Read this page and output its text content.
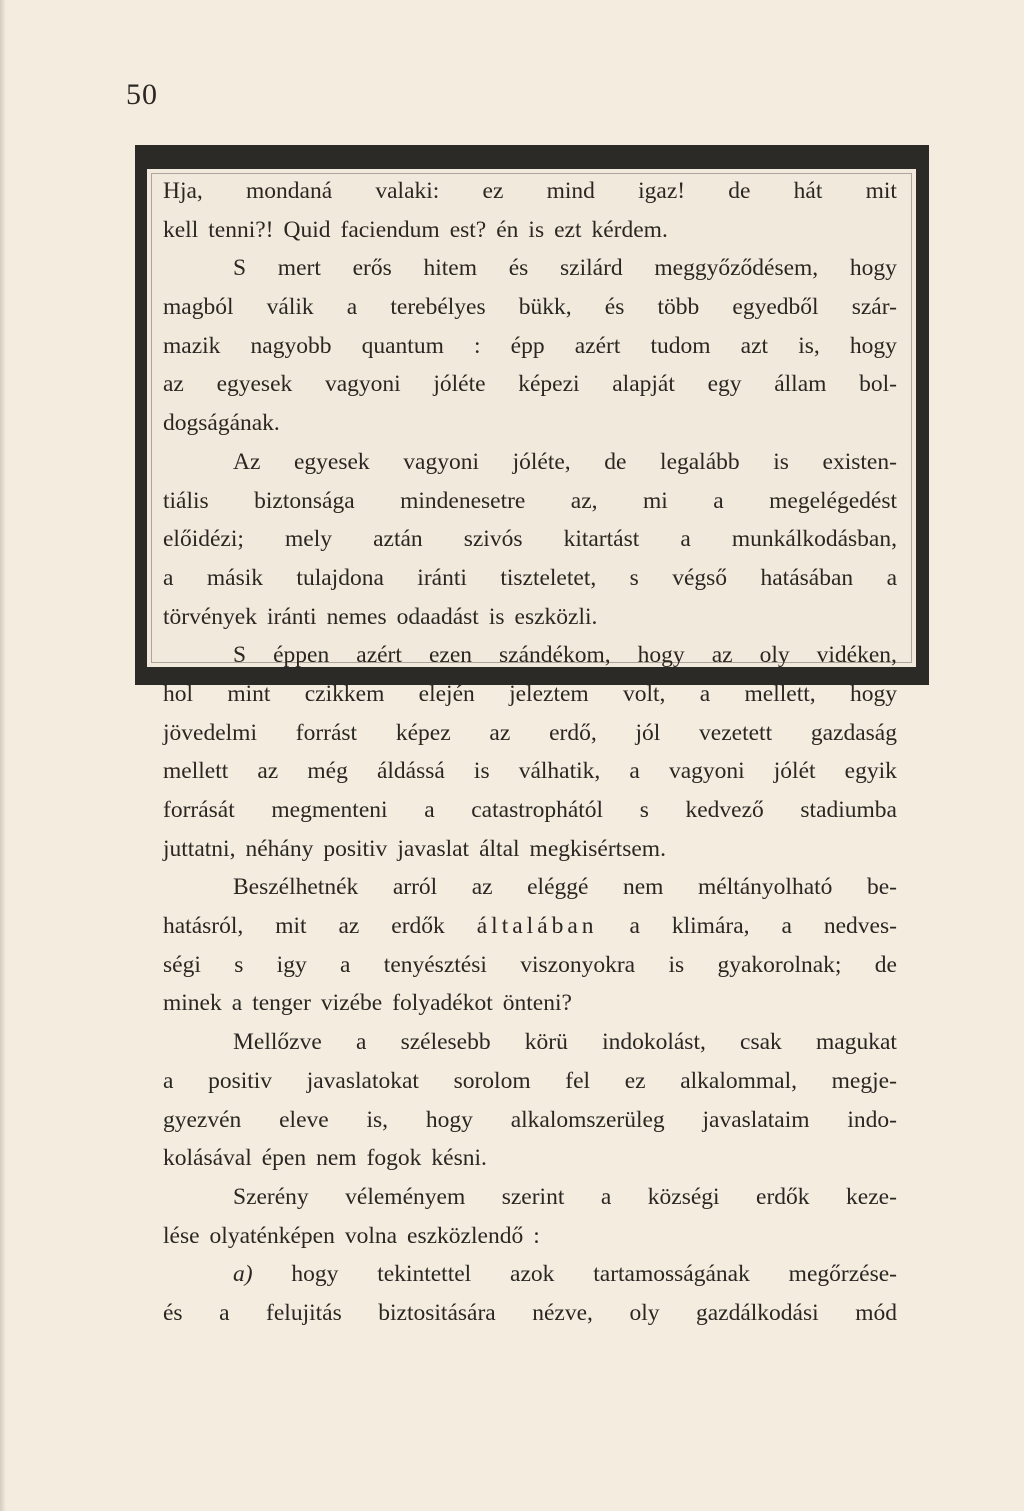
50
Hja, mondaná valaki: ez mind igaz! de hát mit
kell tenni?! Quid faciendum est? én is ezt kérdem.
S mert erős hitem és szilárd meggyőződésem, hogy
magból válik a terebélyes bükk, és több egyedből szár-
mazik nagyobb quantum : épp azért tudom azt is, hogy
az egyesek vagyoni jóléte képezi alapját egy állam bol-
dogságának.
Az egyesek vagyoni jóléte, de legalább is existen-
tiális biztonsága mindenesetre az, mi a megelégedést
előidézi; mely aztán szivós kitartást a munkálkodásban,
a másik tulajdona iránti tiszteletet, s végső hatásában a
törvények iránti nemes odaadást is eszközli.
S éppen azért ezen szándékom, hogy az oly vidéken,
hol mint czikkem elején jeleztem volt, a mellett, hogy
jövedelmi forrást képez az erdő, jól vezetett gazdaság
mellett az még áldássá is válhatik, a vagyoni jólét egyik
forrását megmenteni a catastrophától s kedvező stadiumba
juttatni, néhány positiv javaslat által megkisértsem.
Beszélhetnék arról az eléggé nem méltányolható be-
hatásról, mit az erdők általában a klimára, a nedves-
ségi s igy a tenyésztési viszonyokra is gyakorolnak; de
minek a tenger vizébe folyadékot önteni?
Mellőzve a szélesebb körü indokolást, csak magukat
a positiv javaslatokat sorolom fel ez alkalommal, megje-
gyezvén eleve is, hogy alkalomszerüleg javaslataim indo-
kolásával épen nem fogok késni.
Szerény véleményem szerint a községi erdők keze-
lése olyaténképen volna eszközlendő :
a) hogy tekintettel azok tartamosságának megőrzése-
és a felujitás biztositására nézve, oly gazdálkodási mód
